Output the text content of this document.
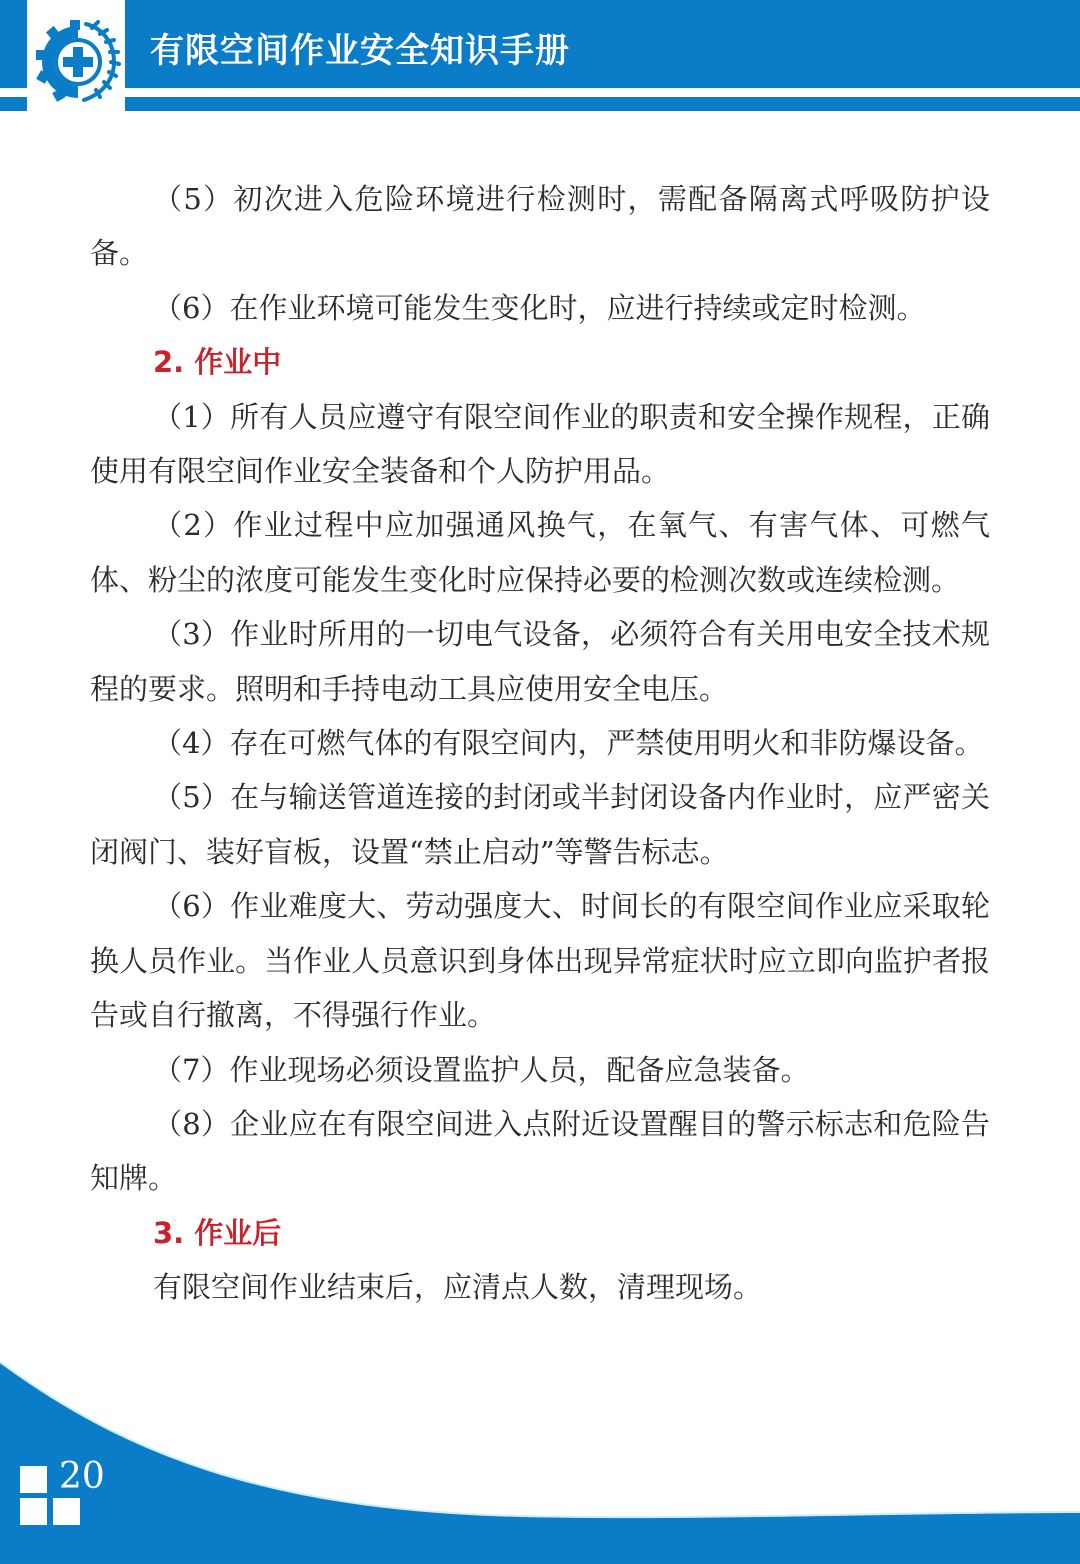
有限空间作业安全知识手册

（5）初次进入危险环境进行检测时，需配备隔离式呼吸防护设备。

（6）在作业环境可能发生变化时，应进行持续或定时检测。

2. 作业中

（1）所有人员应遵守有限空间作业的职责和安全操作规程，正确使用有限空间作业安全装备和个人防护用品。

（2）作业过程中应加强通风换气，在氧气、有害气体、可燃气体、粉尘的浓度可能发生变化时应保持必要的检测次数或连续检测。

（3）作业时所用的一切电气设备，必须符合有关用电安全技术规程的要求。照明和手持电动工具应使用安全电压。

（4）存在可燃气体的有限空间内，严禁使用明火和非防爆设备。

（5）在与输送管道连接的封闭或半封闭设备内作业时，应严密关闭阀门、装好盲板，设置“禁止启动”等警告标志。

（6）作业难度大、劳动强度大、时间长的有限空间作业应采取轮换人员作业。当作业人员意识到身体出现异常症状时应立即向监护者报告或自行撤离，不得强行作业。

（7）作业现场必须设置监护人员，配备应急装备。

（8）企业应在有限空间进入点附近设置醒目的警示标志和危险告知牌。

3. 作业后

有限空间作业结束后，应清点人数，清理现场。

20
